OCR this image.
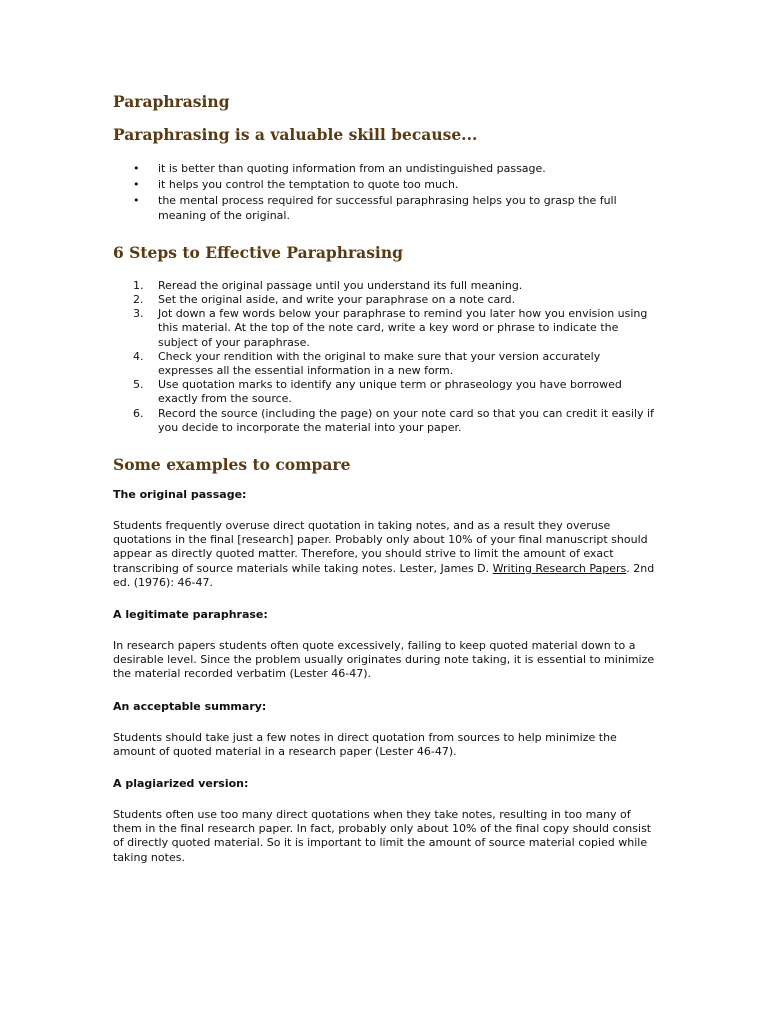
Paraphrasing
Paraphrasing is a valuable skill because...
• it is better than quoting information from an undistinguished passage.
• it helps you control the temptation to quote too much.
• the mental process required for successful paraphrasing helps you to grasp the full meaning of the original.
6 Steps to Effective Paraphrasing
1. Reread the original passage until you understand its full meaning.
2. Set the original aside, and write your paraphrase on a note card.
3. Jot down a few words below your paraphrase to remind you later how you envision using this material. At the top of the note card, write a key word or phrase to indicate the subject of your paraphrase.
4. Check your rendition with the original to make sure that your version accurately expresses all the essential information in a new form.
5. Use quotation marks to identify any unique term or phraseology you have borrowed exactly from the source.
6. Record the source (including the page) on your note card so that you can credit it easily if you decide to incorporate the material into your paper.
Some examples to compare
The original passage:

Students frequently overuse direct quotation in taking notes, and as a result they overuse quotations in the final [research] paper. Probably only about 10% of your final manuscript should appear as directly quoted matter. Therefore, you should strive to limit the amount of exact transcribing of source materials while taking notes. Lester, James D. Writing Research Papers. 2nd ed. (1976): 46-47.

A legitimate paraphrase:

In research papers students often quote excessively, failing to keep quoted material down to a desirable level. Since the problem usually originates during note taking, it is essential to minimize the material recorded verbatim (Lester 46-47).

An acceptable summary:

Students should take just a few notes in direct quotation from sources to help minimize the amount of quoted material in a research paper (Lester 46-47).

A plagiarized version:

Students often use too many direct quotations when they take notes, resulting in too many of them in the final research paper. In fact, probably only about 10% of the final copy should consist of directly quoted material. So it is important to limit the amount of source material copied while taking notes.
